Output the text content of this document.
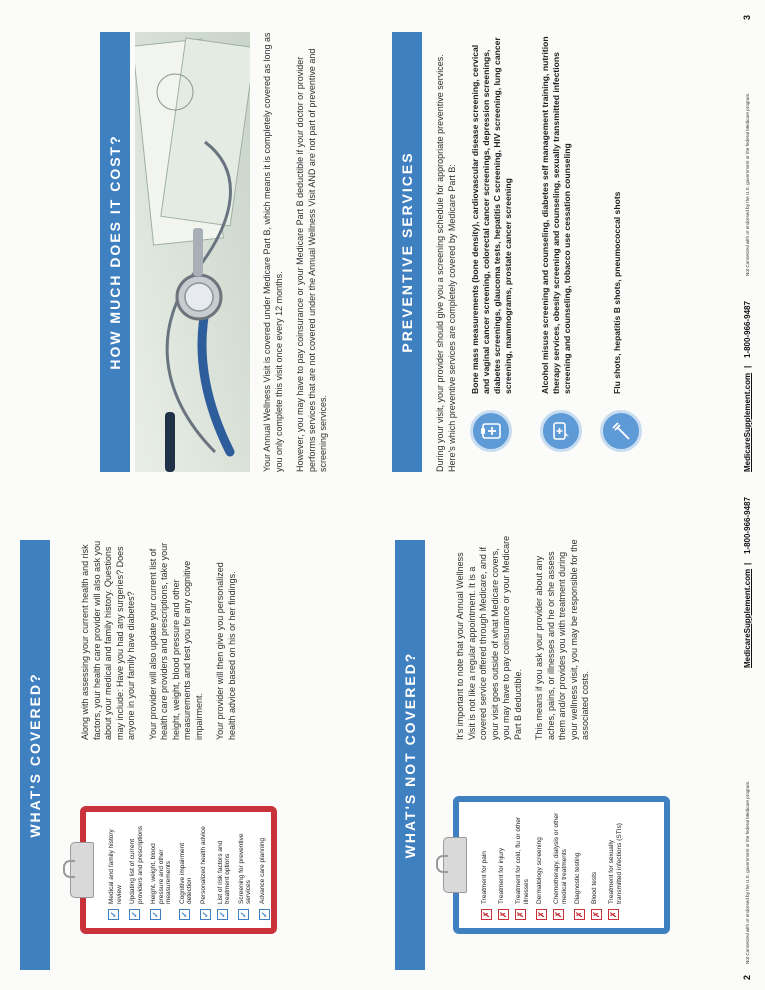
WHAT'S COVERED?
✓
Medical and family history review
✓
Updating list of current providers and prescriptions
✓
Height, weight, blood pressure and other measurements
✓
Cognitive impairment detection
✓
Personalized health advice
✓
List of risk factors and treatment options
✓
Screening for preventive services
✓
Advance care planning

Along with assessing your current health and risk factors, your health care provider will also ask you about your medical and family history. Questions may include: Have you had any surgeries? Does anyone in your family have diabetes? Your provider will also update your current list of health care providers and prescriptions, take your height, weight, blood pressure and other measurements and test you for any cognitive impairment. Your provider will then give you personalized health advice based on his or her findings.	WHAT'S NOT COVERED?
✗
Treatment for pain
✗
Treatment for injury
✗
Treatment for cold, flu or other illnesses
✗
Dermatology screening
✗
Chemotherapy, dialysis or other medical treatments
✗
Diagnostic testing
✗
Blood tests
✗
Treatment for sexually transmitted infections (STIs)

It's important to note that your Annual Wellness Visit is not like a regular appointment. It is a covered service offered through Medicare, and if your visit goes outside of what Medicare covers, you may have to pay coinsurance or your Medicare Part B deductible. This means if you ask your provider about any aches, pains, or illnesses and he or she assess them and/or provides you with treatment during your wellness visit, you may be responsible for the associated costs.

2
Not Connected with or endorsed by the U.S. government or the federal Medicare program.
MedicareSupplement.com
|
1-800-966-9487
HOW MUCH DOES IT COST?	Your Annual Wellness Visit is covered under Medicare Part B, which means it is completely covered as long as you only complete this visit once every 12 months. However, you may have to pay coinsurance or your Medicare Part B deductible if your doctor or provider performs services that are not covered under the Annual Wellness Visit AND are not part of preventive and screening services.

PREVENTIVE SERVICES	During your visit, your provider should give you a screening schedule for appropriate preventive services. Here's which preventive services are completely covered by Medicare Part B: Bone mass measurements (bone density), cardiovascular disease screening, cervical and vaginal cancer screening, colorectal cancer screenings, depression screenings, diabetes screenings, glaucoma tests, hepatitis C screening, HIV screening, lung cancer screening, mammograms, prostate cancer screening	Alcohol misuse screening and counseling, diabetes self management training, nutrition therapy services, obesity screening and counseling, sexually transmitted infections screening and counseling, tobacco use cessation counseling	Flu shots, hepatitis B shots, pneumococcal shots

MedicareSupplement.com
|
1-800-966-9487
Not Connected with or endorsed by the U.S. government or the federal Medicare program.
3
